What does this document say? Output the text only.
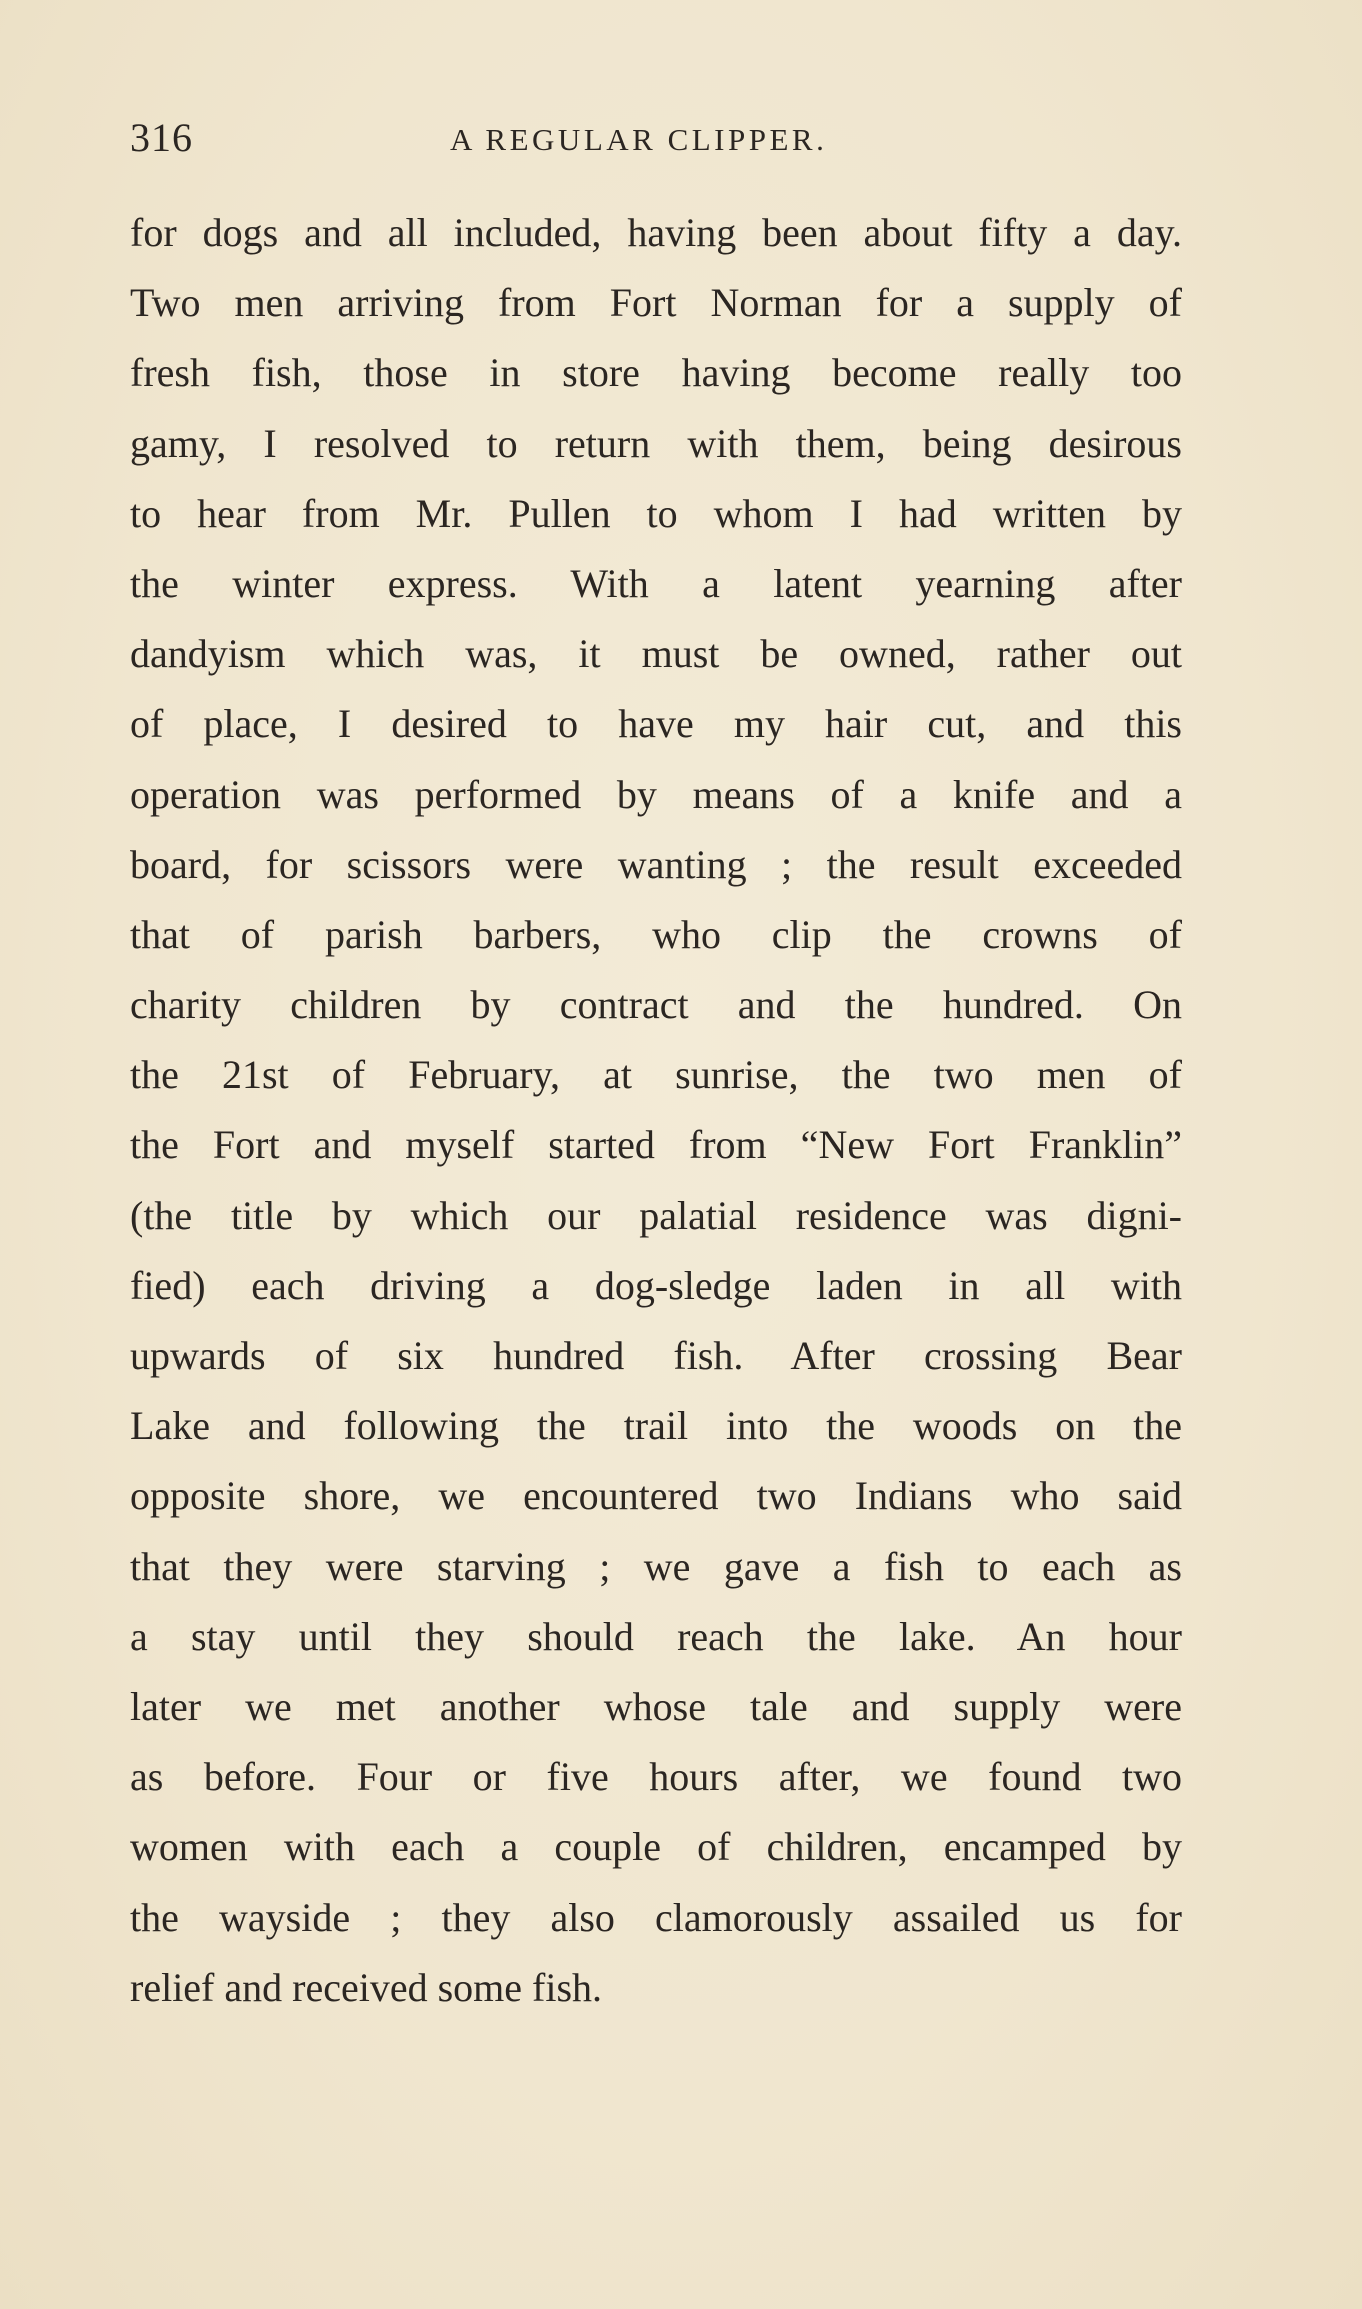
316	A REGULAR CLIPPER.
for dogs and all included, having been about fifty a day.
Two men arriving from Fort Norman for a supply of
fresh fish, those in store having become really too
gamy, I resolved to return with them, being desirous
to hear from Mr. Pullen to whom I had written by
the winter express. With a latent yearning after
dandyism which was, it must be owned, rather out
of place, I desired to have my hair cut, and this
operation was performed by means of a knife and a
board, for scissors were wanting ; the result exceeded
that of parish barbers, who clip the crowns of
charity children by contract and the hundred. On
the 21st of February, at sunrise, the two men of
the Fort and myself started from “New Fort Franklin”
(the title by which our palatial residence was digni-
fied) each driving a dog-sledge laden in all with
upwards of six hundred fish. After crossing Bear
Lake and following the trail into the woods on the
opposite shore, we encountered two Indians who said
that they were starving ; we gave a fish to each as
a stay until they should reach the lake. An hour
later we met another whose tale and supply were
as before. Four or five hours after, we found two
women with each a couple of children, encamped by
the wayside ; they also clamorously assailed us for
relief and received some fish.
